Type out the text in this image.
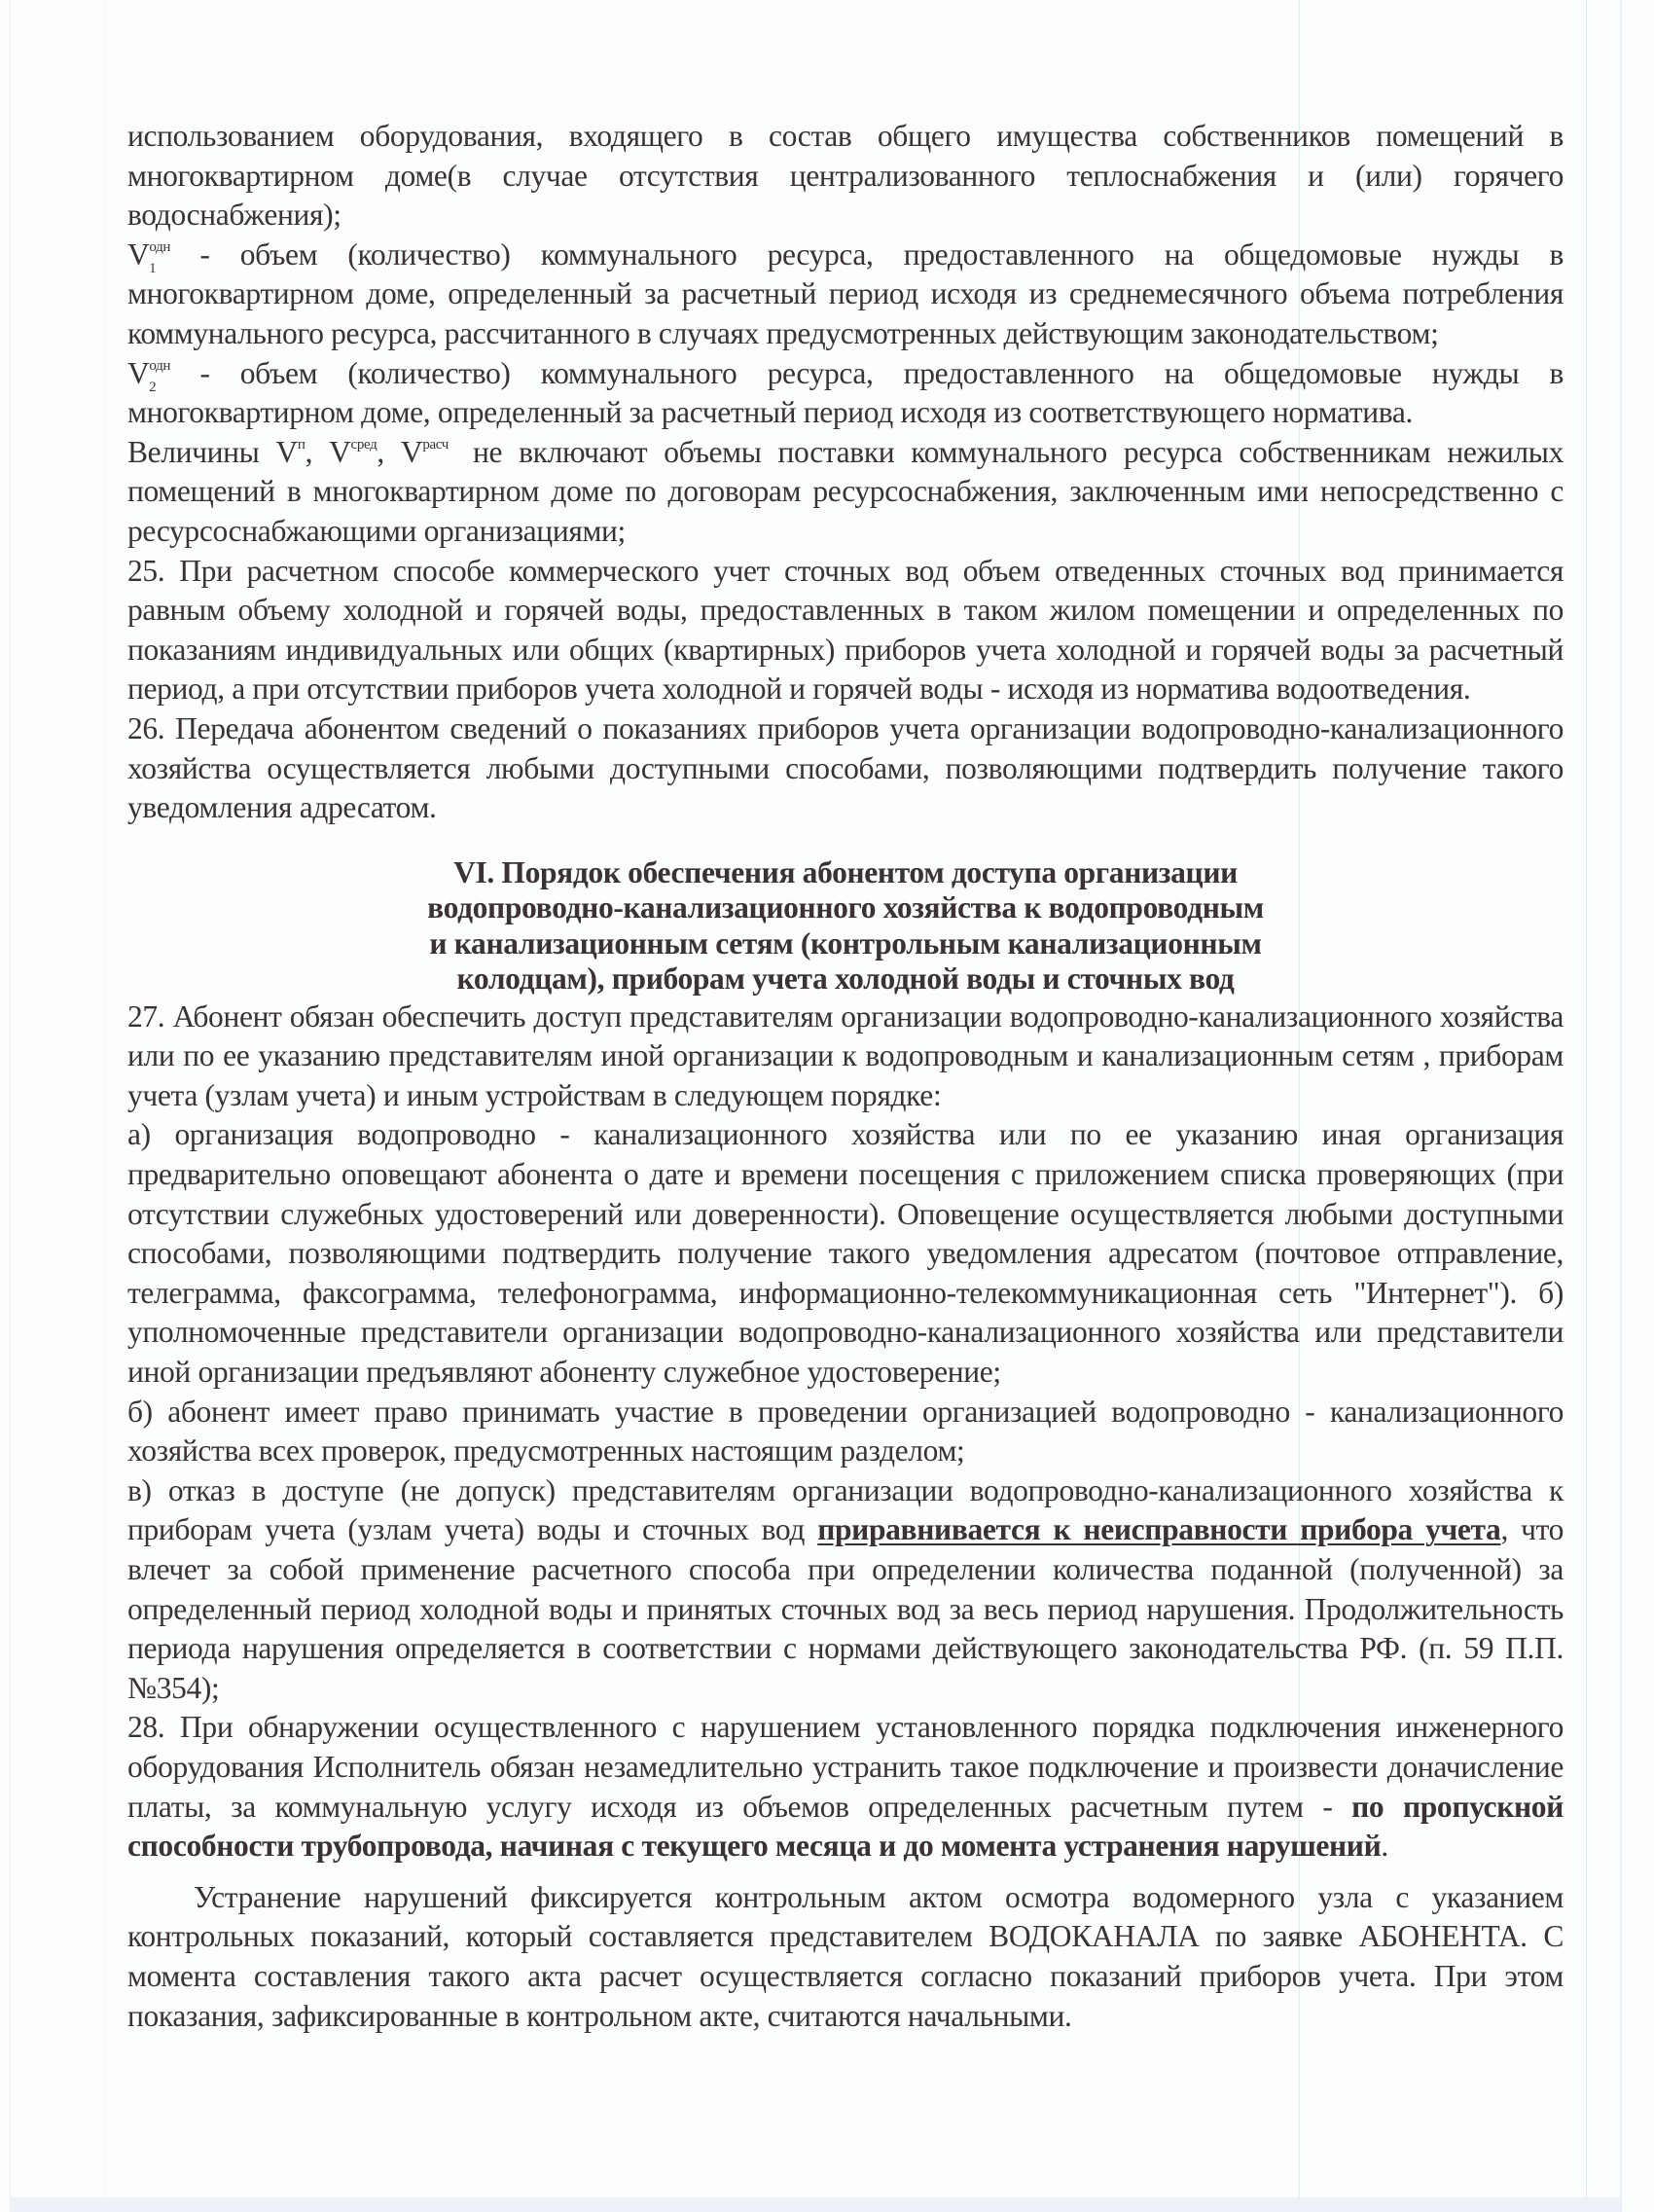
использованием оборудования, входящего в состав общего имущества собственников помещений в многоквартирном доме(в случае отсутствия централизованного теплоснабжения и (или) горячего водоснабжения);

$V^{одн}_1$ - объем (количество) коммунального ресурса, предоставленного на общедомовые нужды в многоквартирном доме, определенный за расчетный период исходя из среднемесячного объема потребления коммунального ресурса, рассчитанного в случаях предусмотренных действующим законодательством;

$V^{одн}_2$ - объем (количество) коммунального ресурса, предоставленного на общедомовые нужды в многоквартирном доме, определенный за расчетный период исходя из соответствующего норматива.

Величины $V^п$, $V^{сред}$, $V^{расч}$ не включают объемы поставки коммунального ресурса собственникам нежилых помещений в многоквартирном доме по договорам ресурсоснабжения, заключенным ими непосредственно с ресурсоснабжающими организациями;

25. При расчетном способе коммерческого учет сточных вод объем отведенных сточных вод принимается равным объему холодной и горячей воды, предоставленных в таком жилом помещении и определенных по показаниям индивидуальных или общих (квартирных) приборов учета холодной и горячей воды за расчетный период, а при отсутствии приборов учета холодной и горячей воды - исходя из норматива водоотведения.

26. Передача абонентом сведений о показаниях приборов учета организации водопроводно-канализационного хозяйства осуществляется любыми доступными способами, позволяющими подтвердить получение такого уведомления адресатом.

VI. Порядок обеспечения абонентом доступа организации
водопроводно-канализационного хозяйства к водопроводным
и канализационным сетям (контрольным канализационным
колодцам), приборам учета холодной воды и сточных вод

27. Абонент обязан обеспечить доступ представителям организации водопроводно-канализационного хозяйства или по ее указанию представителям иной организации к водопроводным и канализационным сетям , приборам учета (узлам учета) и иным устройствам в следующем порядке:

а) организация водопроводно - канализационного хозяйства или по ее указанию иная организация предварительно оповещают абонента о дате и времени посещения с приложением списка проверяющих (при отсутствии служебных удостоверений или доверенности). Оповещение осуществляется любыми доступными способами, позволяющими подтвердить получение такого уведомления адресатом (почтовое отправление, телеграмма, факсограмма, телефонограмма, информационно-телекоммуникационная сеть "Интернет"). б) уполномоченные представители организации водопроводно-канализационного хозяйства или представители иной организации предъявляют абоненту служебное удостоверение;

б) абонент имеет право принимать участие в проведении организацией водопроводно - канализационного хозяйства всех проверок, предусмотренных настоящим разделом;

в) отказ в доступе (не допуск) представителям организации водопроводно-канализационного хозяйства к приборам учета (узлам учета) воды и сточных вод приравнивается к неисправности прибора учета, что влечет за собой применение расчетного способа при определении количества поданной (полученной) за определенный период холодной воды и принятых сточных вод за весь период нарушения. Продолжительность периода нарушения определяется в соответствии с нормами действующего законодательства РФ. (п. 59 П.П.№354);

28. При обнаружении осуществленного с нарушением установленного порядка подключения инженерного оборудования Исполнитель обязан незамедлительно устранить такое подключение и произвести доначисление платы, за коммунальную услугу исходя из объемов определенных расчетным путем - по пропускной способности трубопровода, начиная с текущего месяца и до момента устранения нарушений.

Устранение нарушений фиксируется контрольным актом осмотра водомерного узла с указанием контрольных показаний, который составляется представителем ВОДОКАНАЛА по заявке АБОНЕНТА. С момента составления такого акта расчет осуществляется согласно показаний приборов учета. При этом показания, зафиксированные в контрольном акте, считаются начальными.
